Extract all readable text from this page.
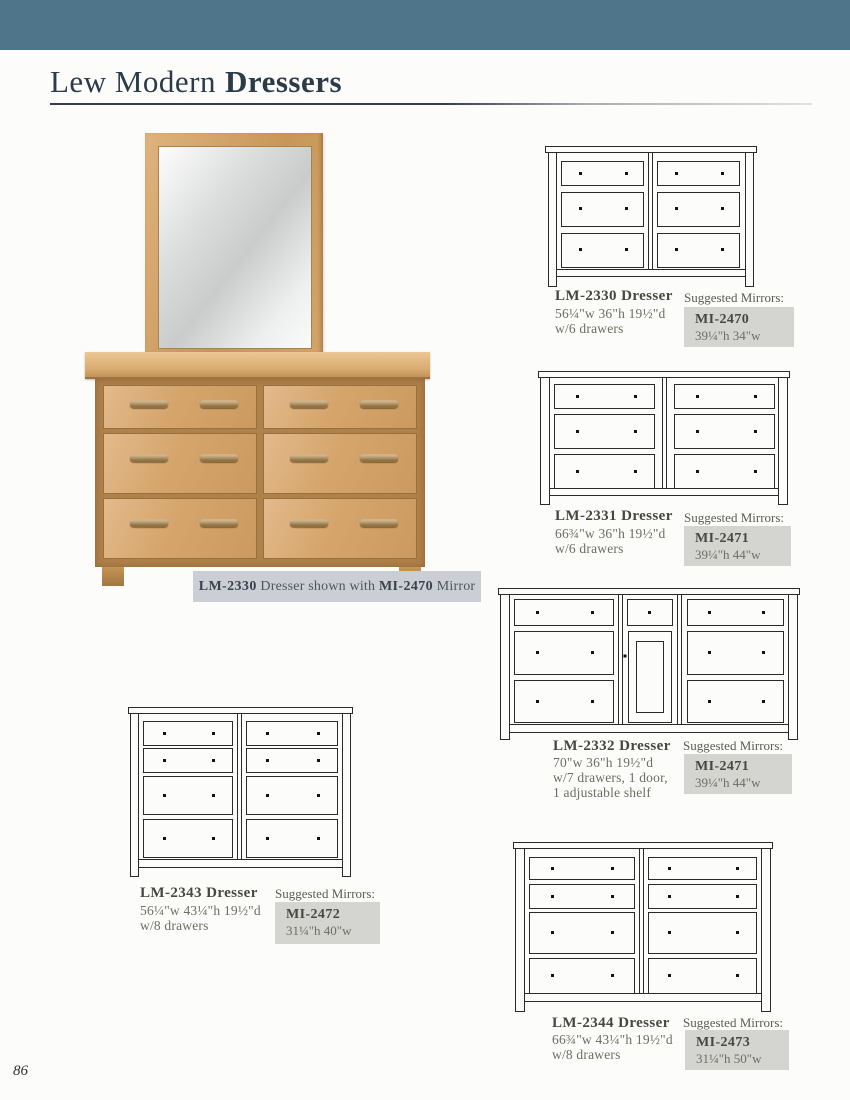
Lew Modern Dressers
LM-2330 Dresser shown with MI-2470 Mirror
LM-2330 Dresser
56¼"w 36"h 19½"d
w/6 drawers
Suggested Mirrors:
MI-2470
39¼"h 34"w
LM-2331 Dresser
66¾"w 36"h 19½"d
w/6 drawers
Suggested Mirrors:
MI-2471
39¼"h 44"w
LM-2332 Dresser
70"w 36"h 19½"d
w/7 drawers, 1 door,
1 adjustable shelf
Suggested Mirrors:
MI-2471
39¼"h 44"w
LM-2343 Dresser
56¼"w 43¼"h 19½"d
w/8 drawers
Suggested Mirrors:
MI-2472
31¼"h 40"w
LM-2344 Dresser
66¾"w 43¼"h 19½"d
w/8 drawers
Suggested Mirrors:
MI-2473
31¼"h 50"w
86
